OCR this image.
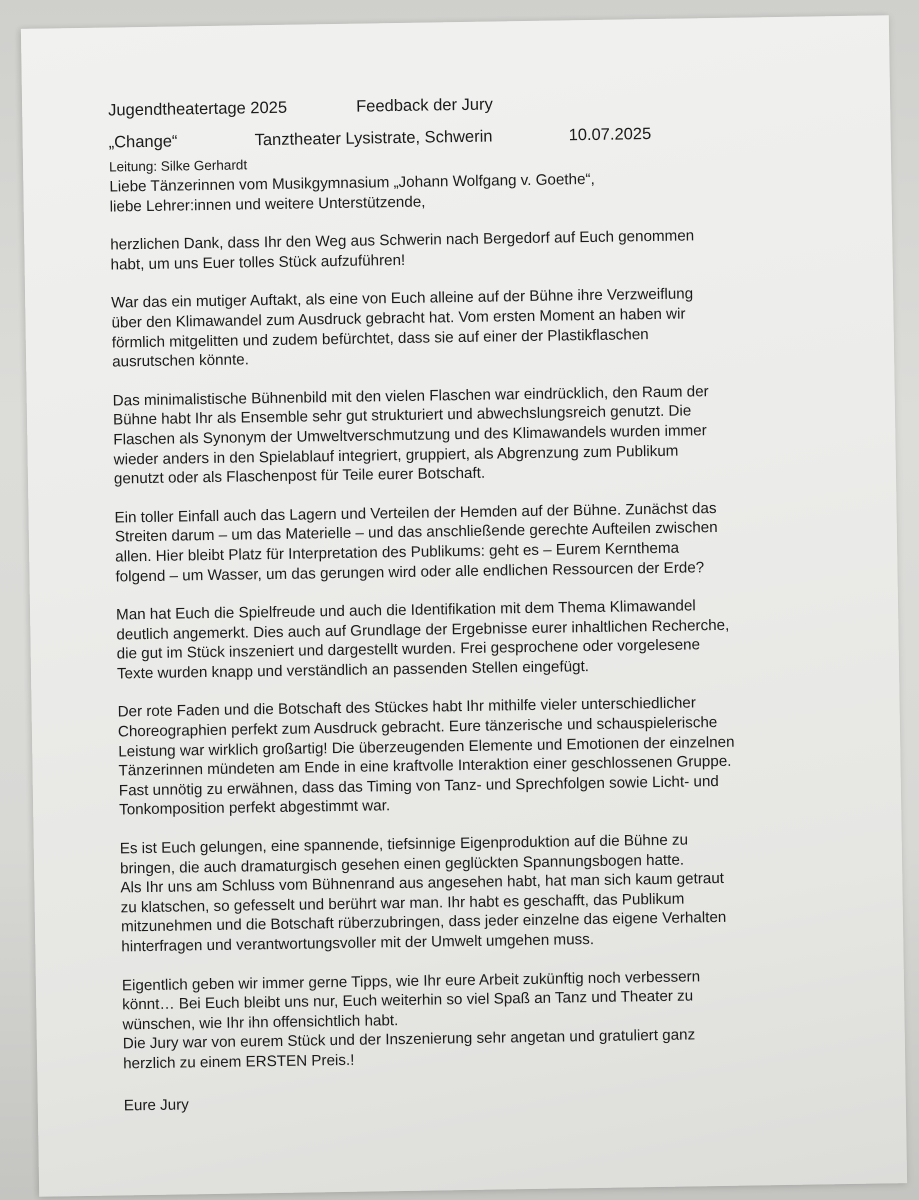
Jugendtheatertage 2025	Feedback der Jury
„Change“	Tanztheater Lysistrate, Schwerin	10.07.2025
Leitung: Silke Gerhardt
Liebe Tänzerinnen vom Musikgymnasium „Johann Wolfgang v. Goethe“,
liebe Lehrer:innen und weitere Unterstützende,
herzlichen Dank, dass Ihr den Weg aus Schwerin nach Bergedorf auf Euch genommen
habt, um uns Euer tolles Stück aufzuführen!
War das ein mutiger Auftakt, als eine von Euch alleine auf der Bühne ihre Verzweiflung
über den Klimawandel zum Ausdruck gebracht hat. Vom ersten Moment an haben wir
förmlich mitgelitten und zudem befürchtet, dass sie auf einer der Plastikflaschen
ausrutschen könnte.
Das minimalistische Bühnenbild mit den vielen Flaschen war eindrücklich, den Raum der
Bühne habt Ihr als Ensemble sehr gut strukturiert und abwechslungsreich genutzt. Die
Flaschen als Synonym der Umweltverschmutzung und des Klimawandels wurden immer
wieder anders in den Spielablauf integriert, gruppiert, als Abgrenzung zum Publikum
genutzt oder als Flaschenpost für Teile eurer Botschaft.
Ein toller Einfall auch das Lagern und Verteilen der Hemden auf der Bühne. Zunächst das
Streiten darum – um das Materielle – und das anschließende gerechte Aufteilen zwischen
allen. Hier bleibt Platz für Interpretation des Publikums: geht es – Eurem Kernthema
folgend – um Wasser, um das gerungen wird oder alle endlichen Ressourcen der Erde?
Man hat Euch die Spielfreude und auch die Identifikation mit dem Thema Klimawandel
deutlich angemerkt. Dies auch auf Grundlage der Ergebnisse eurer inhaltlichen Recherche,
die gut im Stück inszeniert und dargestellt wurden. Frei gesprochene oder vorgelesene
Texte wurden knapp und verständlich an passenden Stellen eingefügt.
Der rote Faden und die Botschaft des Stückes habt Ihr mithilfe vieler unterschiedlicher
Choreographien perfekt zum Ausdruck gebracht. Eure tänzerische und schauspielerische
Leistung war wirklich großartig! Die überzeugenden Elemente und Emotionen der einzelnen
Tänzerinnen mündeten am Ende in eine kraftvolle Interaktion einer geschlossenen Gruppe.
Fast unnötig zu erwähnen, dass das Timing von Tanz- und Sprechfolgen sowie Licht- und
Tonkomposition perfekt abgestimmt war.
Es ist Euch gelungen, eine spannende, tiefsinnige Eigenproduktion auf die Bühne zu
bringen, die auch dramaturgisch gesehen einen geglückten Spannungsbogen hatte.
Als Ihr uns am Schluss vom Bühnenrand aus angesehen habt, hat man sich kaum getraut
zu klatschen, so gefesselt und berührt war man. Ihr habt es geschafft, das Publikum
mitzunehmen und die Botschaft rüberzubringen, dass jeder einzelne das eigene Verhalten
hinterfragen und verantwortungsvoller mit der Umwelt umgehen muss.
Eigentlich geben wir immer gerne Tipps, wie Ihr eure Arbeit zukünftig noch verbessern
könnt… Bei Euch bleibt uns nur, Euch weiterhin so viel Spaß an Tanz und Theater zu
wünschen, wie Ihr ihn offensichtlich habt.
Die Jury war von eurem Stück und der Inszenierung sehr angetan und gratuliert ganz
herzlich zu einem ERSTEN Preis.!
Eure Jury
